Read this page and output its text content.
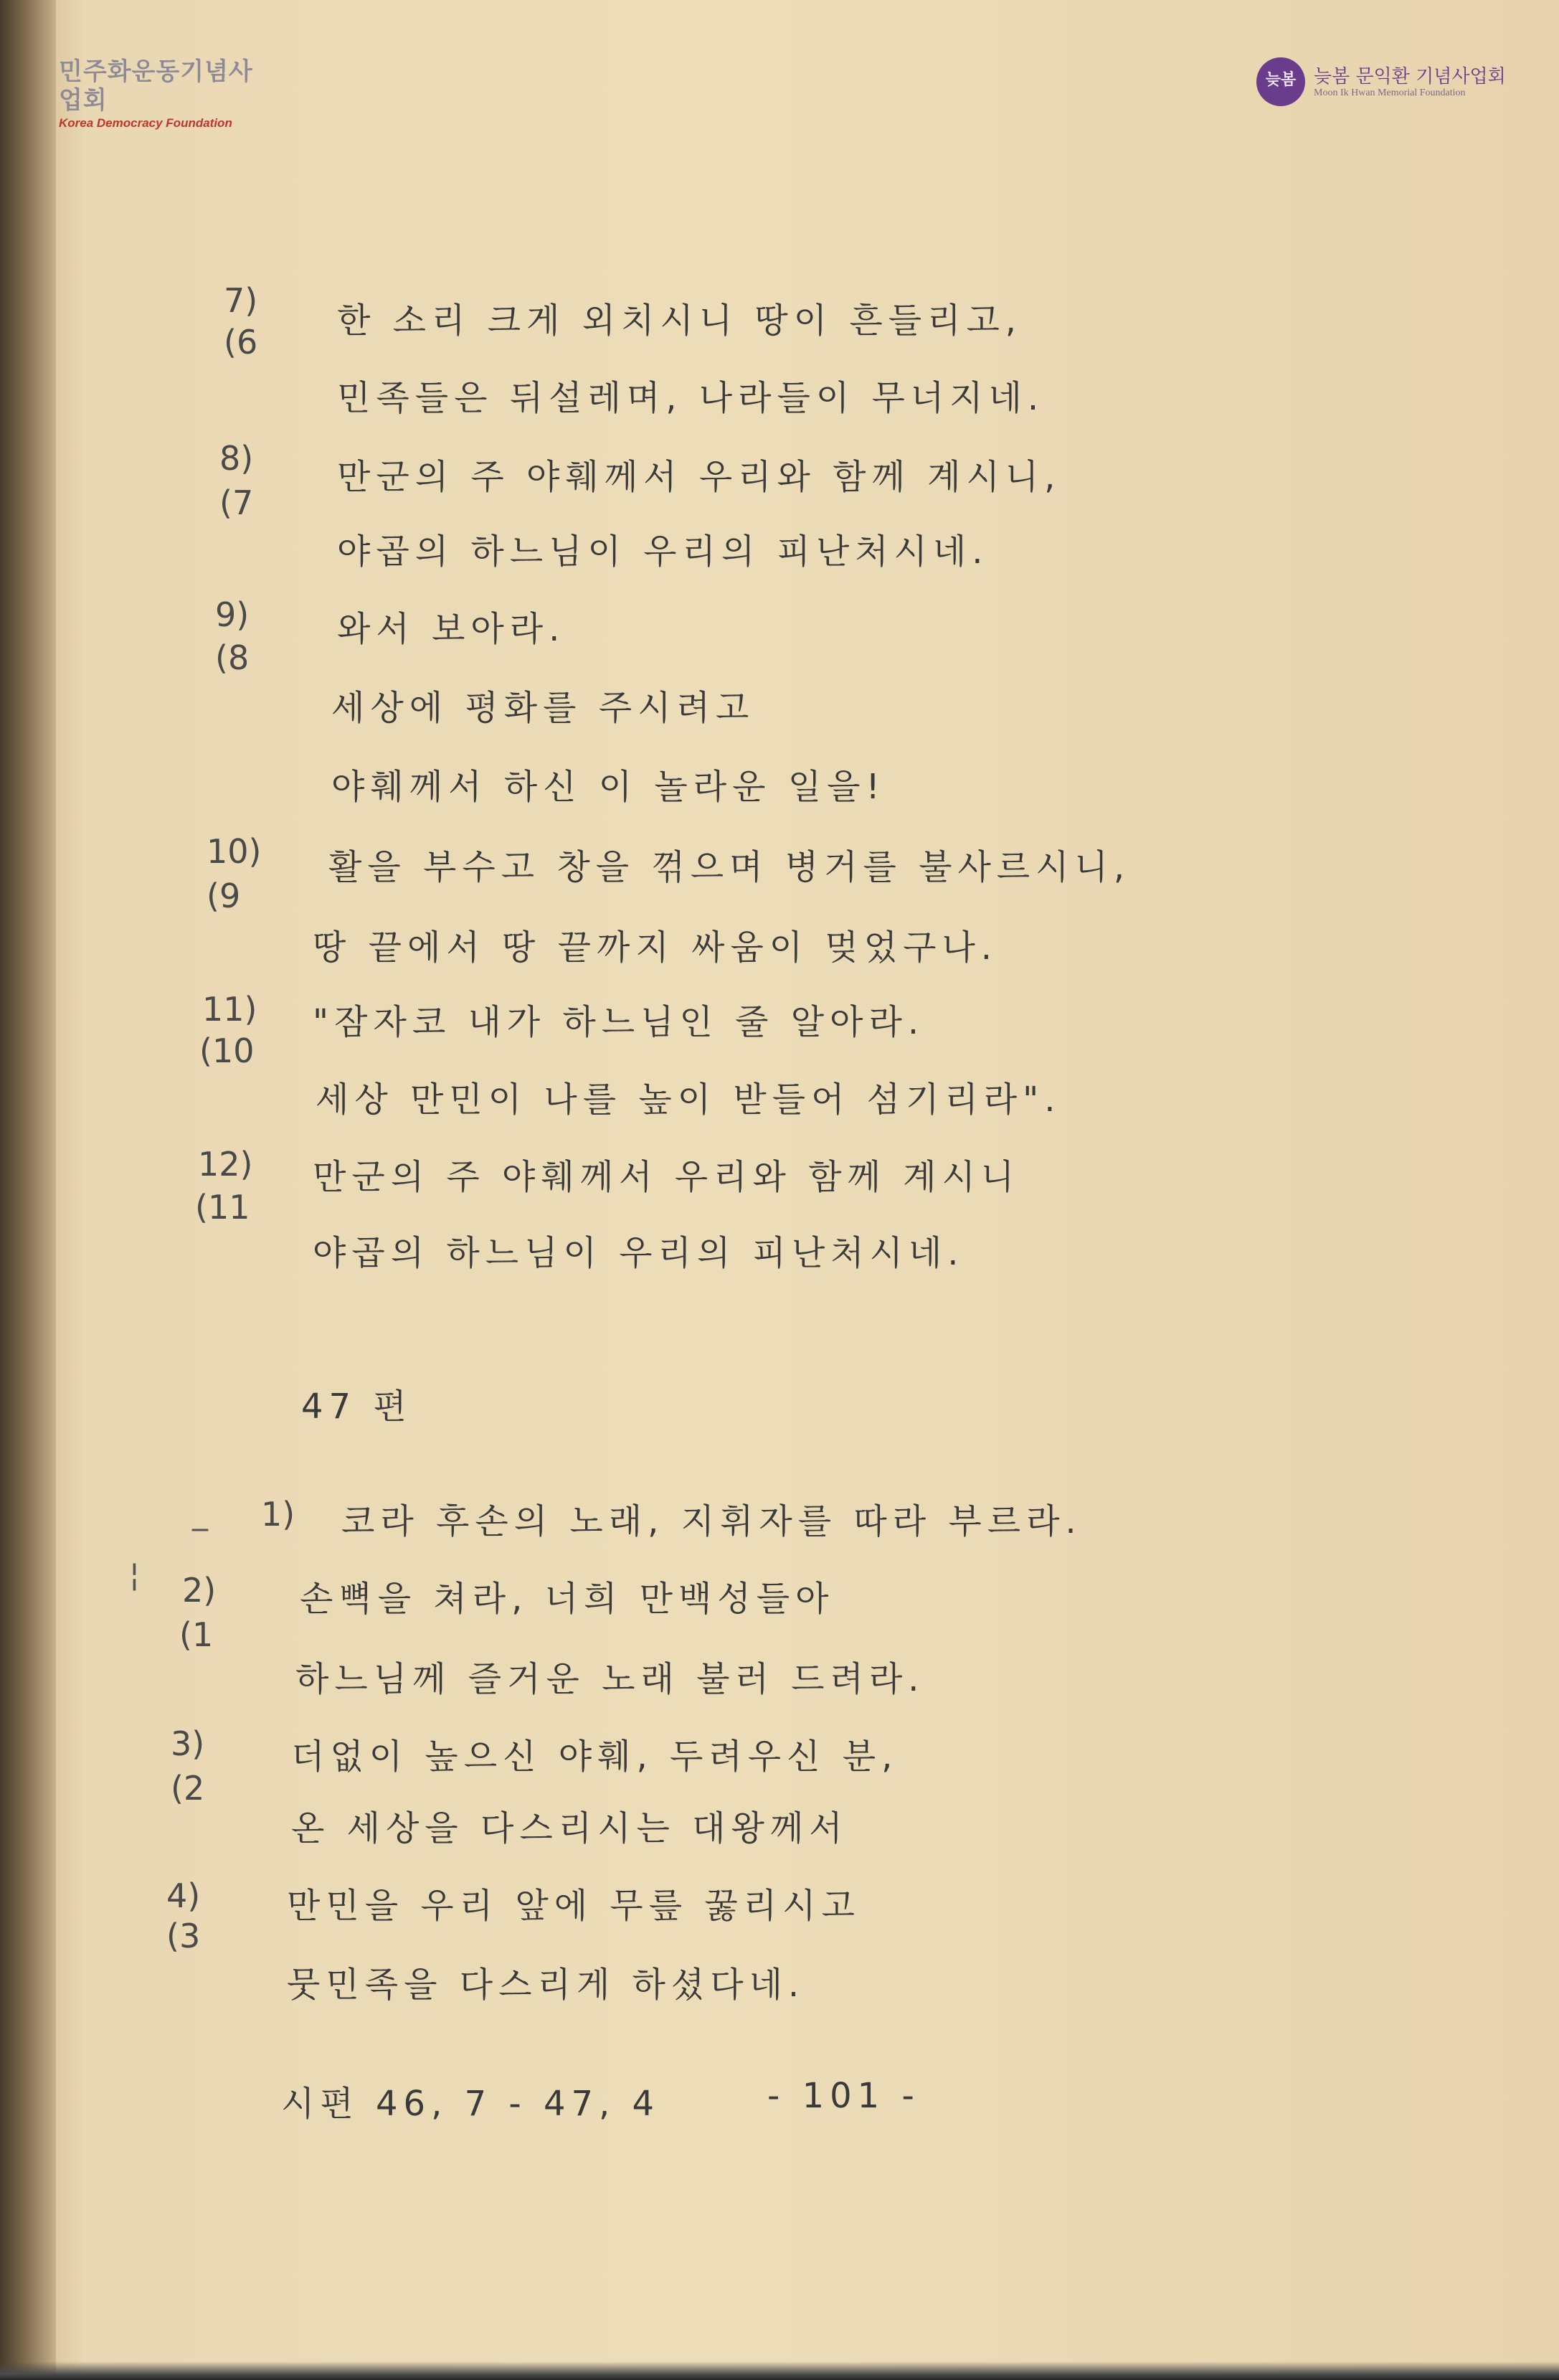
민주화운동기념사업회
Korea Democracy Foundation
늦봄 늦봄 문익환 기념사업회
Moon Ik Hwan Memorial Foundation
7)
(6
한 소리 크게 외치시니 땅이 흔들리고,
민족들은 뒤설레며, 나라들이 무너지네.
8)
(7
만군의 주 야훼께서 우리와 함께 계시니,
야곱의 하느님이 우리의 피난처시네.
9)
(8
와서 보아라.
세상에 평화를 주시려고
야훼께서 하신 이 놀라운 일을!
10)
(9
활을 부수고 창을 꺾으며 병거를 불사르시니,
땅 끝에서 땅 끝까지 싸움이 멎었구나.
11)
(10
"잠자코 내가 하느님인 줄 알아라.
세상 만민이 나를 높이 받들어 섬기리라".
12)
(11
만군의 주 야훼께서 우리와 함께 계시니
야곱의 하느님이 우리의 피난처시네.
47 편
_ 1) 코라 후손의 노래, 지휘자를 따라 부르라.
¦ 2)
(1
손뼉을 쳐라, 너희 만백성들아
하느님께 즐거운 노래 불러 드려라.
3)
(2
더없이 높으신 야훼, 두려우신 분,
온 세상을 다스리시는 대왕께서
4)
(3
만민을 우리 앞에 무릎 꿇리시고
뭇민족을 다스리게 하셨다네.
시편 46, 7 - 47, 4	- 101 -
